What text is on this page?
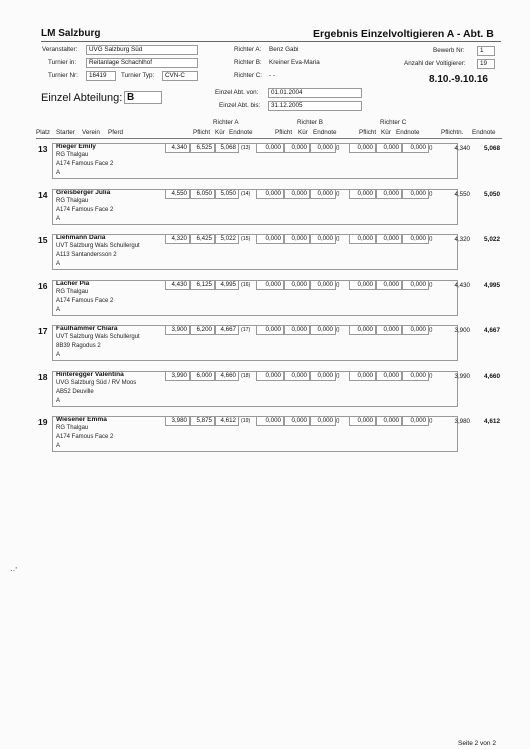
LM Salzburg	Ergebnis Einzelvoltigieren A - Abt. B
Veranstalter:	UVG Salzburg Süd
Turnier in:	Reitanlage Schachlhof
Turnier Nr:	16419	Turnier Typ:	CVN-C
Richter A: Benz Gabi
Richter B: Kreiner Eva-Maria
Richter C: - -
Bewerb Nr:	1
Anzahl der Voltigierer:	19
8.10.-9.10.16
Einzel Abteilung: B	Einzel Abt. von:	01.01.2004
Einzel Abt. bis:	31.12.2005
Richter A	Richter B	Richter C
Platz Starter Verein Pferd	Pflicht Kür Endnote	Pflicht Kür Endnote	Pflicht Kür Endnote	Pflichtn. Endnote
13 Rieger Emily
RG Thalgau
A174 Famous Face 2
A
4,340	6,525	5,068 (13)	0,000	0,000	0,000 ()	0,000	0,000	0,000 ()	4,340	5,068
14 Greisberger Julia
RG Thalgau
A174 Famous Face 2
A
4,550	6,050	5,050 (14)	0,000	0,000	0,000 ()	0,000	0,000	0,000 ()	4,550	5,050
15 Liehmann Daria
UVT Salzburg Wals Schullergut
A113 Santandersson 2
A
4,320	6,425	5,022 (15)	0,000	0,000	0,000 ()	0,000	0,000	0,000 ()	4,320	5,022
16 Lacher Pia
RG Thalgau
A174 Famous Face 2
A
4,430	6,125	4,995 (16)	0,000	0,000	0,000 ()	0,000	0,000	0,000 ()	4,430	4,995
17 Faulhammer Chiara
UVT Salzburg Wals Schullergut
8B39 Ragodus 2
A
3,900	6,200	4,667 (17)	0,000	0,000	0,000 ()	0,000	0,000	0,000 ()	3,900	4,667
18 Hinteregger Valentina
UVG Salzburg Süd / RV Moos
AB52 Deuville
A
3,990	6,000	4,660 (18)	0,000	0,000	0,000 ()	0,000	0,000	0,000 ()	3,990	4,660
19 Wiesener Emma
RG Thalgau
A174 Famous Face 2
A
3,980	5,875	4,612 (19)	0,000	0,000	0,000 ()	0,000	0,000	0,000 ()	3,980	4,612
··'
Seite 2 von 2
